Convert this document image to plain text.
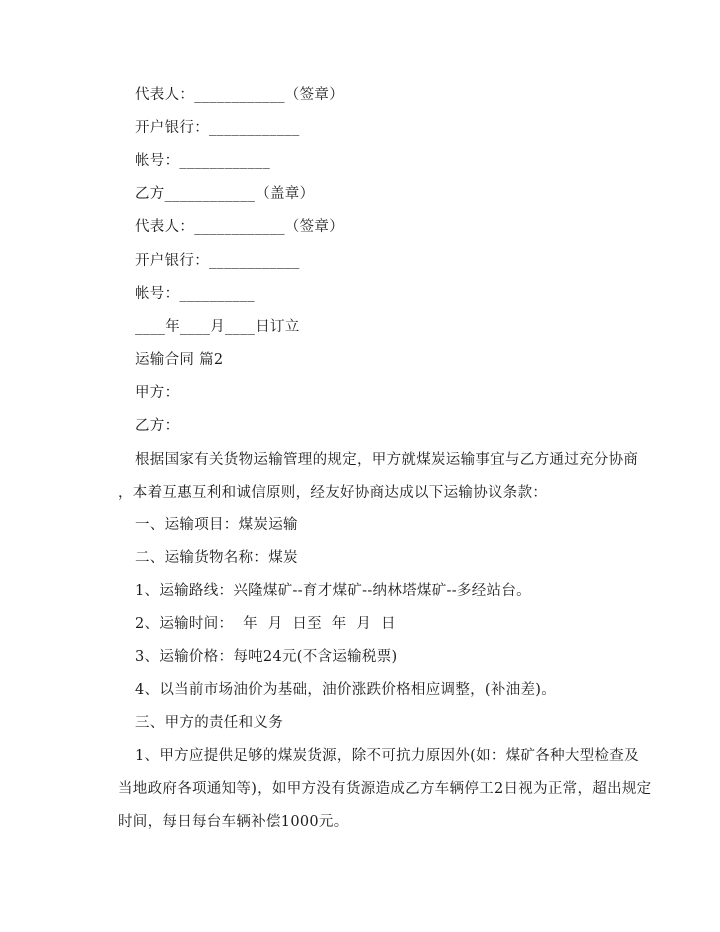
代表人：____________（签章）
开户银行：____________
帐号：____________
乙方____________（盖章）
代表人：____________（签章）
开户银行：____________
帐号：__________
____年____月____日订立
运输合同 篇2
甲方：
乙方：
根据国家有关货物运输管理的规定，甲方就煤炭运输事宜与乙方通过充分协商
，本着互惠互利和诚信原则，经友好协商达成以下运输协议条款：
一、运输项目：煤炭运输
二、运输货物名称：煤炭
1、运输路线：兴隆煤矿--育才煤矿--纳林塔煤矿--多经站台。
2、运输时间：  年  月  日至  年  月  日
3、运输价格：每吨24元(不含运输税票)
4、以当前市场油价为基础，油价涨跌价格相应调整，(补油差)。
三、甲方的责任和义务
1、甲方应提供足够的煤炭货源，除不可抗力原因外(如：煤矿各种大型检查及
当地政府各项通知等)，如甲方没有货源造成乙方车辆停工2日视为正常，超出规定
时间，每日每台车辆补偿1000元。
